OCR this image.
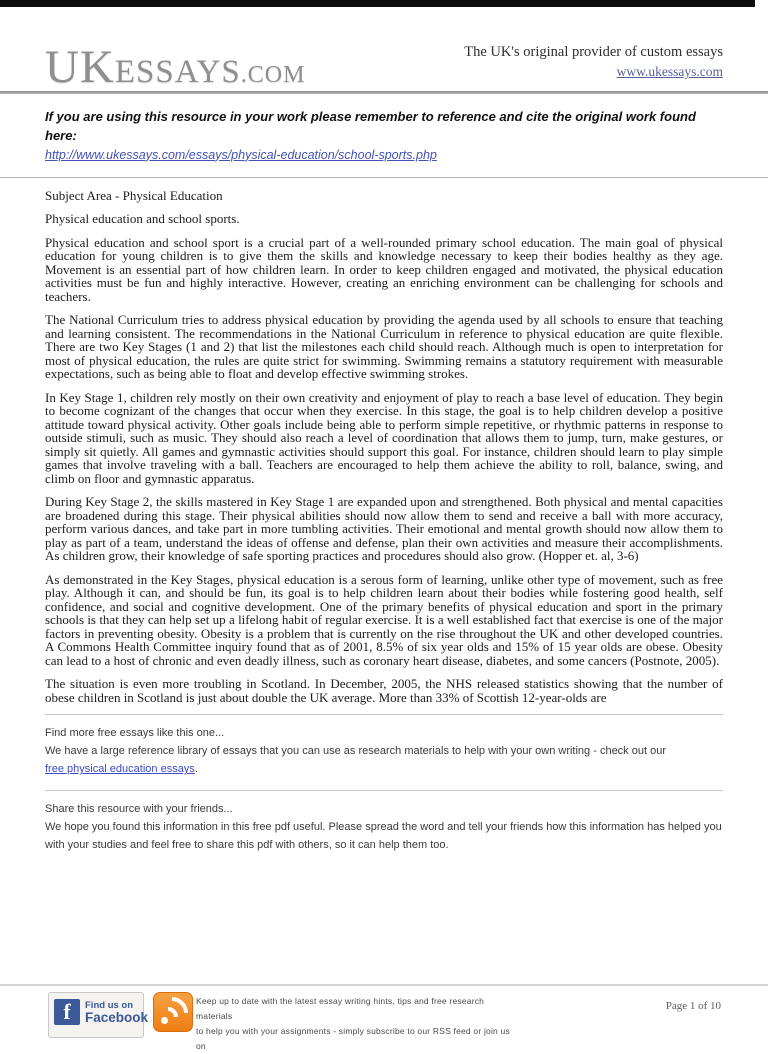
UKESSAYS.COM
The UK's original provider of custom essays
www.ukessays.com

If you are using this resource in your work please remember to reference and cite the original work found here:

http://www.ukessays.com/essays/physical-education/school-sports.php

Subject Area - Physical Education

Physical education and school sports.

Physical education and school sport is a crucial part of a well-rounded primary school education. The main goal of physical education for young children is to give them the skills and knowledge necessary to keep their bodies healthy as they age. Movement is an essential part of how children learn. In order to keep children engaged and motivated, the physical education activities must be fun and highly interactive. However, creating an enriching environment can be challenging for schools and teachers.

The National Curriculum tries to address physical education by providing the agenda used by all schools to ensure that teaching and learning consistent. The recommendations in the National Curriculum in reference to physical education are quite flexible. There are two Key Stages (1 and 2) that list the milestones each child should reach. Although much is open to interpretation for most of physical education, the rules are quite strict for swimming. Swimming remains a statutory requirement with measurable expectations, such as being able to float and develop effective swimming strokes.

In Key Stage 1, children rely mostly on their own creativity and enjoyment of play to reach a base level of education. They begin to become cognizant of the changes that occur when they exercise. In this stage, the goal is to help children develop a positive attitude toward physical activity. Other goals include being able to perform simple repetitive, or rhythmic patterns in response to outside stimuli, such as music. They should also reach a level of coordination that allows them to jump, turn, make gestures, or simply sit quietly. All games and gymnastic activities should support this goal. For instance, children should learn to play simple games that involve traveling with a ball. Teachers are encouraged to help them achieve the ability to roll, balance, swing, and climb on floor and gymnastic apparatus.

During Key Stage 2, the skills mastered in Key Stage 1 are expanded upon and strengthened. Both physical and mental capacities are broadened during this stage. Their physical abilities should now allow them to send and receive a ball with more accuracy, perform various dances, and take part in more tumbling activities. Their emotional and mental growth should now allow them to play as part of a team, understand the ideas of offense and defense, plan their own activities and measure their accomplishments. As children grow, their knowledge of safe sporting practices and procedures should also grow. (Hopper et. al, 3-6)

As demonstrated in the Key Stages, physical education is a serous form of learning, unlike other type of movement, such as free play. Although it can, and should be fun, its goal is to help children learn about their bodies while fostering good health, self confidence, and social and cognitive development. One of the primary benefits of physical education and sport in the primary schools is that they can help set up a lifelong habit of regular exercise. It is a well established fact that exercise is one of the major factors in preventing obesity. Obesity is a problem that is currently on the rise throughout the UK and other developed countries. A Commons Health Committee inquiry found that as of 2001, 8.5% of six year olds and 15% of 15 year olds are obese. Obesity can lead to a host of chronic and even deadly illness, such as coronary heart disease, diabetes, and some cancers (Postnote, 2005).

The situation is even more troubling in Scotland. In December, 2005, the NHS released statistics showing that the number of obese children in Scotland is just about double the UK average. More than 33% of Scottish 12-year-olds are

Find more free essays like this one...
We have a large reference library of essays that you can use as research materials to help with your own writing - check out our
free physical education essays.
Share this resource with your friends...
We hope you found this information in this free pdf useful. Please spread the word and tell your friends how this information has helped you with your studies and feel free to share this pdf with others, so it can help them too.
f	Find us on
Facebook
Keep up to date with the latest essay writing hints, tips and free research materials
to help you with your assignments - simply subscribe to our RSS feed or join us on
Page 1 of 10
